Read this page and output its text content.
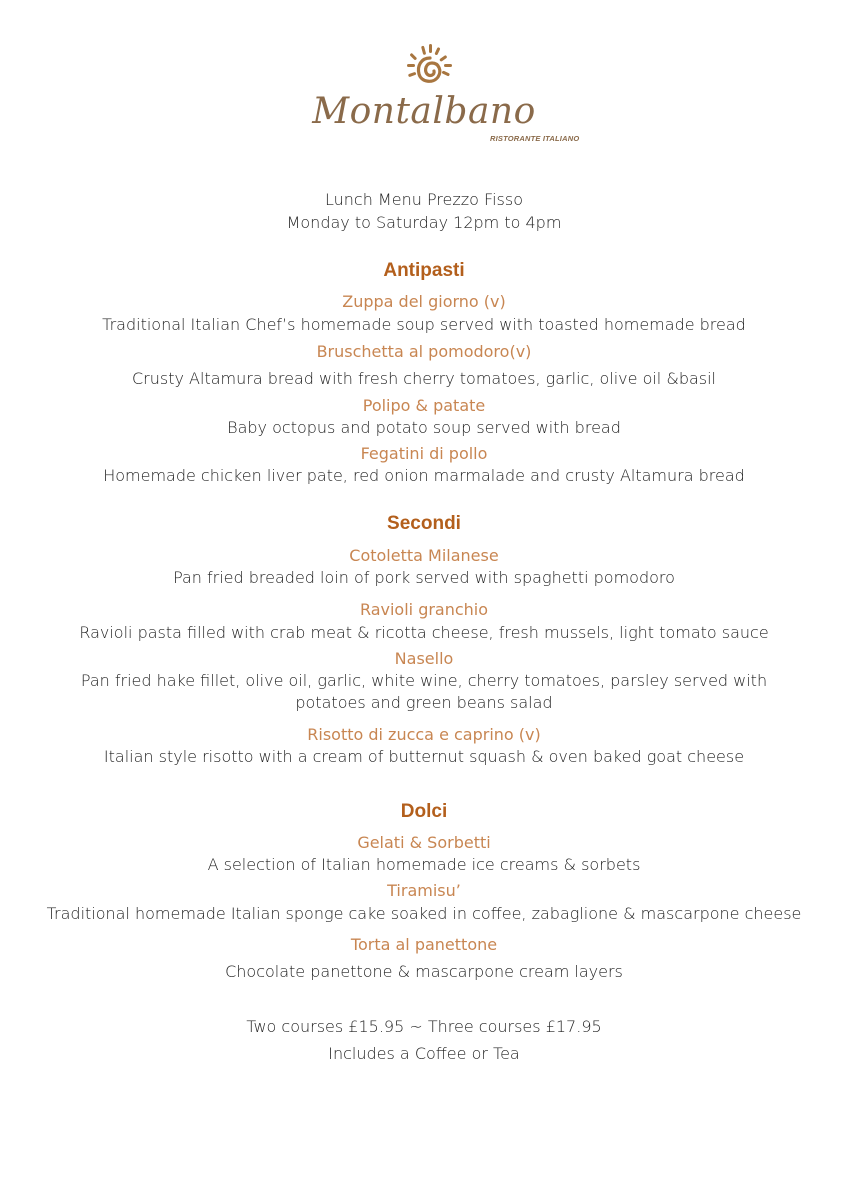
Montalbano
RISTORANTE ITALIANO
Lunch Menu Prezzo Fisso
Monday to Saturday 12pm to 4pm
Antipasti
Zuppa del giorno (v)
Traditional Italian Chef’s homemade soup served with toasted homemade bread
Bruschetta al pomodoro(v)
Crusty Altamura bread with fresh cherry tomatoes, garlic, olive oil &basil
Polipo & patate
Baby octopus and potato soup served with bread
Fegatini di pollo
Homemade chicken liver pate, red onion marmalade and crusty Altamura bread
Secondi
Cotoletta Milanese
Pan fried breaded loin of pork served with spaghetti pomodoro
Ravioli granchio
Ravioli pasta filled with crab meat & ricotta cheese, fresh mussels, light tomato sauce
Nasello
Pan fried hake fillet, olive oil, garlic, white wine, cherry tomatoes, parsley served with
potatoes and green beans salad
Risotto di zucca e caprino (v)
Italian style risotto with a cream of butternut squash & oven baked goat cheese
Dolci
Gelati & Sorbetti
A selection of Italian homemade ice creams & sorbets
Tiramisu’
Traditional homemade Italian sponge cake soaked in coffee, zabaglione & mascarpone cheese
Torta al panettone
Chocolate panettone & mascarpone cream layers
Two courses £15.95 ~ Three courses £17.95
Includes a Coffee or Tea
